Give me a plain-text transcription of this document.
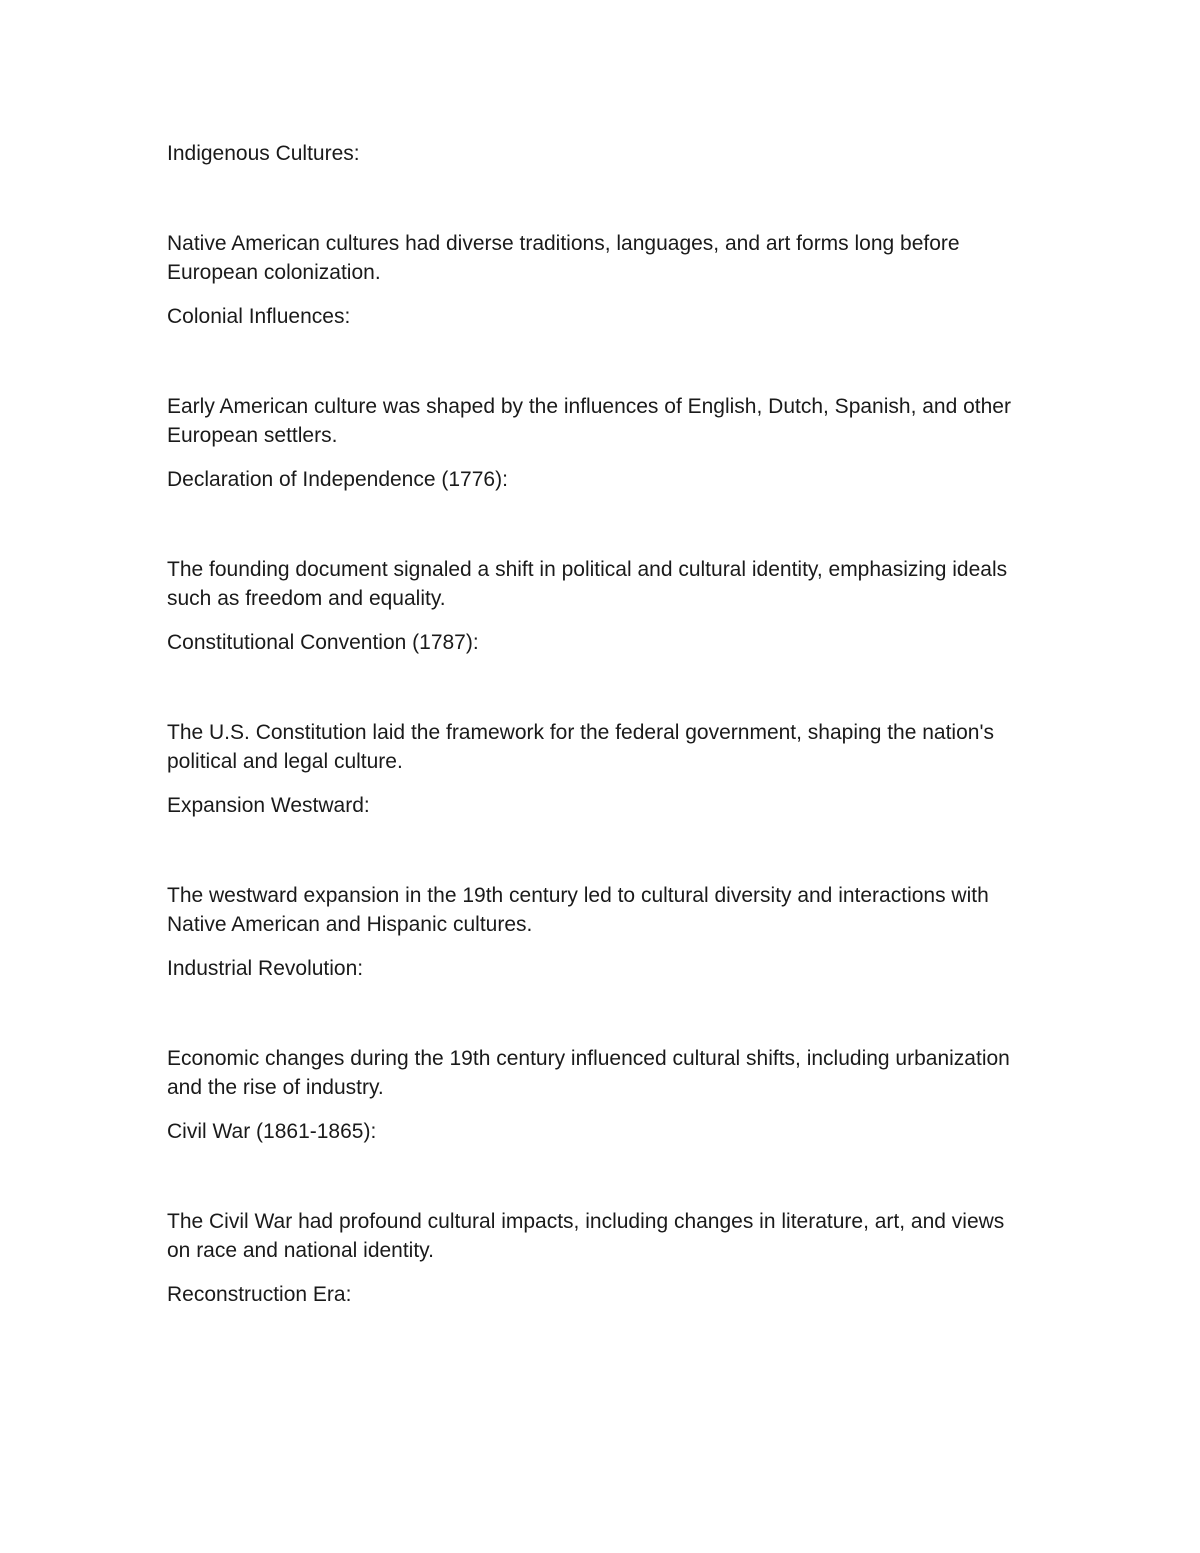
Indigenous Cultures:

Native American cultures had diverse traditions, languages, and art forms long before European colonization.

Colonial Influences:

Early American culture was shaped by the influences of English, Dutch, Spanish, and other European settlers.

Declaration of Independence (1776):

The founding document signaled a shift in political and cultural identity, emphasizing ideals such as freedom and equality.

Constitutional Convention (1787):

The U.S. Constitution laid the framework for the federal government, shaping the nation's political and legal culture.

Expansion Westward:

The westward expansion in the 19th century led to cultural diversity and interactions with Native American and Hispanic cultures.

Industrial Revolution:

Economic changes during the 19th century influenced cultural shifts, including urbanization and the rise of industry.

Civil War (1861-1865):

The Civil War had profound cultural impacts, including changes in literature, art, and views on race and national identity.

Reconstruction Era:
